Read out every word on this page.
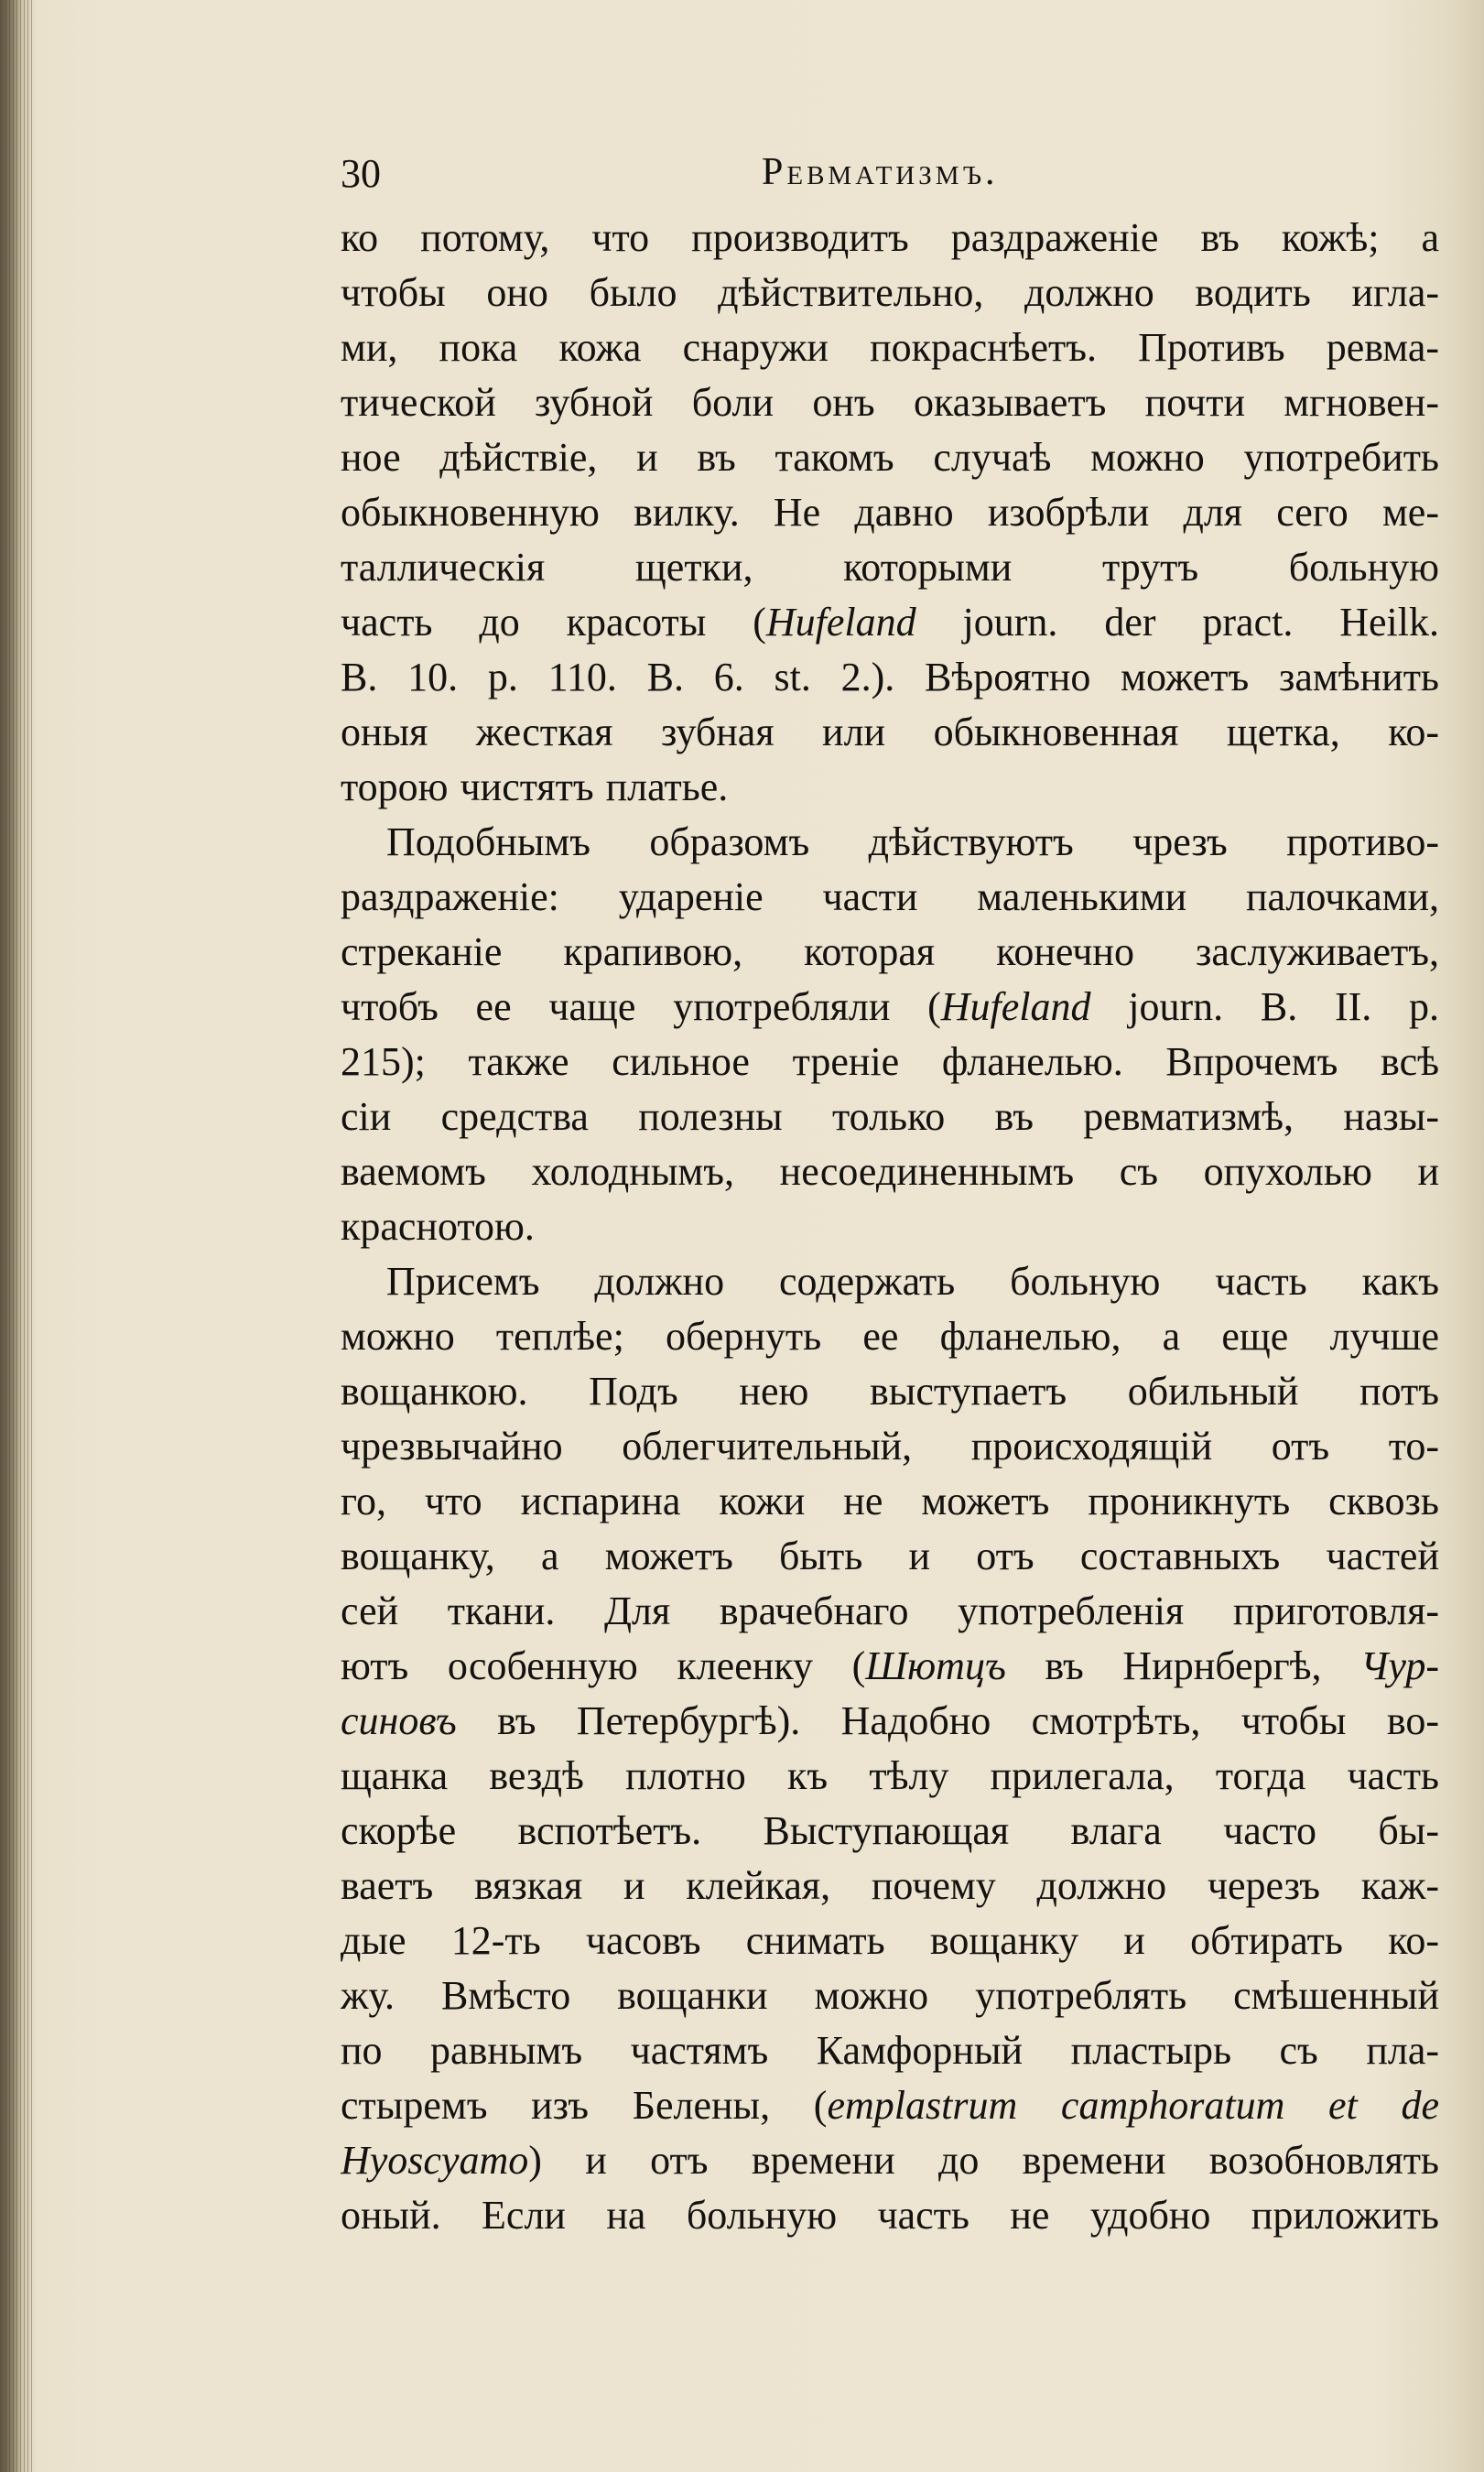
30	Ревматизмъ.
ко потому, что производитъ раздраженіе въ кожѣ; а
чтобы оно было дѣйствительно, должно водить игла-
ми, пока кожа снаружи покраснѣетъ. Противъ ревма-
тической зубной боли онъ оказываетъ почти мгновен-
ное дѣйствіе, и въ такомъ случаѣ можно употребить
обыкновенную вилку. Не давно изобрѣли для сего ме-
таллическія щетки, которыми трутъ больную
часть до красоты (Hufeland journ. der pract. Heilk.
B. 10. p. 110. B. 6. st. 2.). Вѣроятно можетъ замѣнить
оныя жесткая зубная или обыкновенная щетка, ко-
торою чистятъ платье.
Подобнымъ образомъ дѣйствуютъ чрезъ противо-
раздраженіе: удареніе части маленькими палочками,
стреканіе крапивою, которая конечно заслуживаетъ,
чтобъ ее чаще употребляли (Hufeland journ. B. II. p.
215); также сильное треніе фланелью. Впрочемъ всѣ
сіи средства полезны только въ ревматизмѣ, назы-
ваемомъ холоднымъ, несоединеннымъ съ опухолью и
краснотою.
Присемъ должно содержать больную часть какъ
можно теплѣе; обернуть ее фланелью, а еще лучше
вощанкою. Подъ нею выступаетъ обильный потъ
чрезвычайно облегчительный, происходящій отъ то-
го, что испарина кожи не можетъ проникнуть сквозь
вощанку, а можетъ быть и отъ составныхъ частей
сей ткани. Для врачебнаго употребленія приготовля-
ютъ особенную клеенку (Шютцъ въ Нирнбергѣ, Чур-
синовъ въ Петербургѣ). Надобно смотрѣть, чтобы во-
щанка вездѣ плотно къ тѣлу прилегала, тогда часть
скорѣе вспотѣетъ. Выступающая влага часто бы-
ваетъ вязкая и клейкая, почему должно черезъ каж-
дые 12-ть часовъ снимать вощанку и обтирать ко-
жу. Вмѣсто вощанки можно употреблять смѣшенный
по равнымъ частямъ Камфорный пластырь съ пла-
стыремъ изъ Белены, (emplastrum camphoratum et de
Hyoscyamo) и отъ времени до времени возобновлять
оный. Если на больную часть не удобно приложить
